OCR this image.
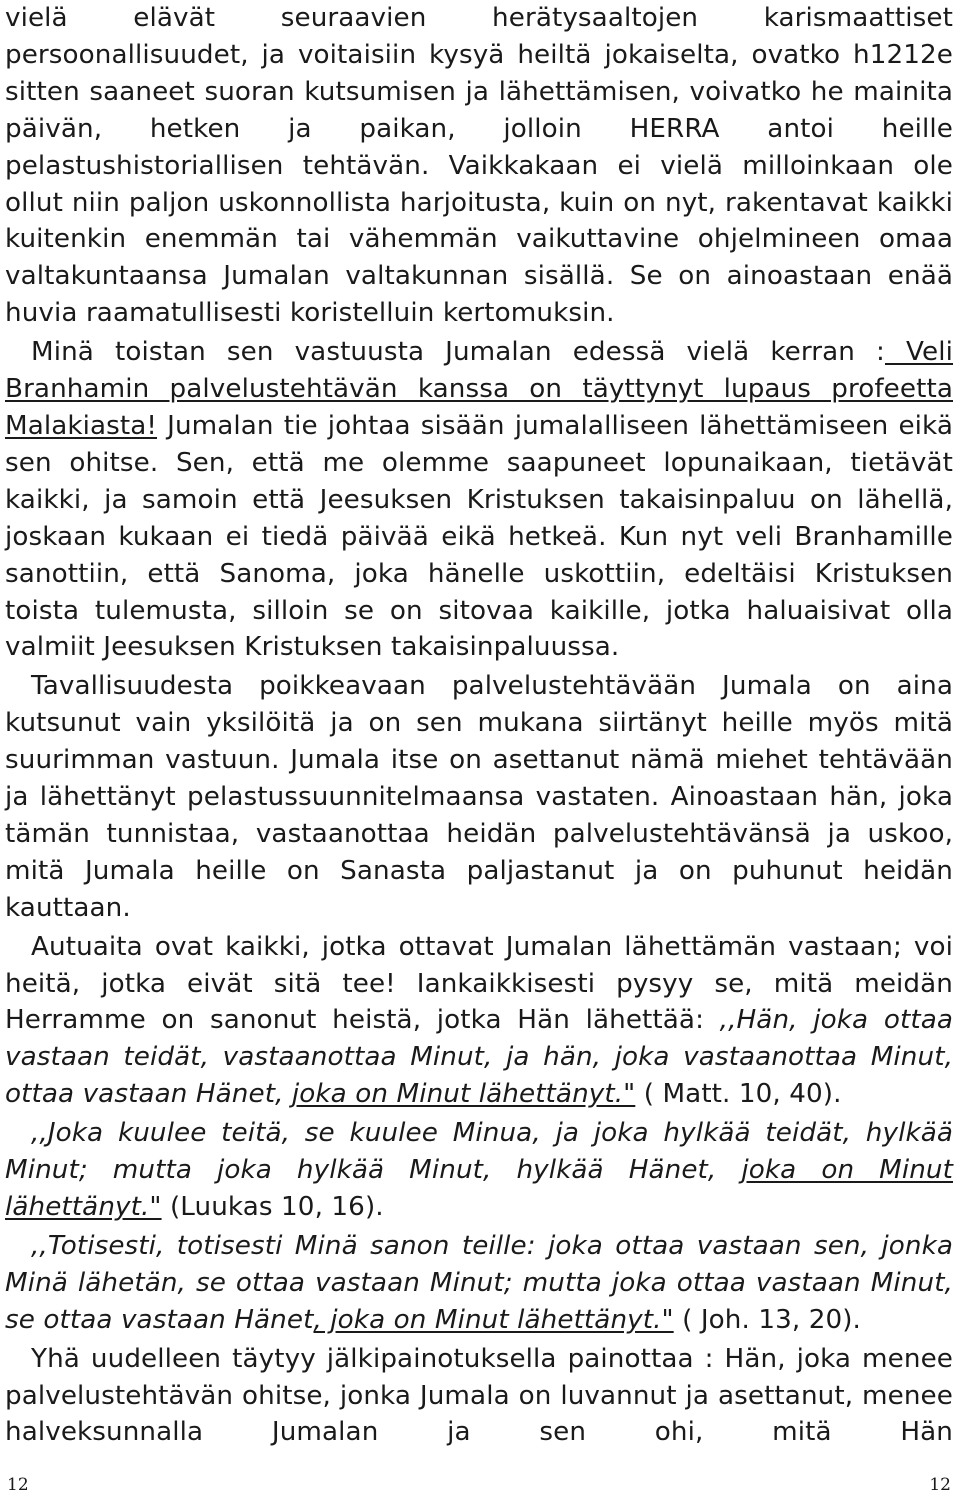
vielä elävät seuraavien herätysaaltojen karismaattiset persoonallisuudet, ja voitaisiin kysyä heiltä jokaiselta, ovatko h1212e sitten saaneet suoran kutsumisen ja lähettämisen, voivatko he mainita päivän, hetken ja paikan, jolloin HERRA antoi heille pelastushistoriallisen tehtävän. Vaikkakaan ei vielä milloinkaan ole ollut niin paljon uskonnollista harjoitusta, kuin on nyt, rakentavat kaikki kuitenkin enemmän tai vähemmän vaikuttavine ohjelmineen omaa valtakuntaansa Jumalan valtakunnan sisällä. Se on ainoastaan enää huvia raamatullisesti koristelluin kertomuksin.

Minä toistan sen vastuusta Jumalan edessä vielä kerran : Veli Branhamin palvelustehtävän kanssa on täyttynyt lupaus profeetta Malakiasta! Jumalan tie johtaa sisään jumalalliseen lähettämiseen eikä sen ohitse. Sen, että me olemme saapuneet lopunaikaan, tietävät kaikki, ja samoin että Jeesuksen Kristuksen takaisinpaluu on lähellä, joskaan kukaan ei tiedä päivää eikä hetkeä. Kun nyt veli Branhamille sanottiin, että Sanoma, joka hänelle uskottiin, edeltäisi Kristuksen toista tulemusta, silloin se on sitovaa kaikille, jotka haluaisivat olla valmiit Jeesuksen Kristuksen takaisinpaluussa.

Tavallisuudesta poikkeavaan palvelustehtävään Jumala on aina kutsunut vain yksilöitä ja on sen mukana siirtänyt heille myös mitä suurimman vastuun. Jumala itse on asettanut nämä miehet tehtävään ja lähettänyt pelastussuunnitelmaansa vastaten. Ainoastaan hän, joka tämän tunnistaa, vastaanottaa heidän palvelustehtävänsä ja uskoo, mitä Jumala heille on Sanasta paljastanut ja on puhunut heidän kauttaan.

Autuaita ovat kaikki, jotka ottavat Jumalan lähettämän vastaan; voi heitä, jotka eivät sitä tee! Iankaikkisesti pysyy se, mitä meidän Herramme on sanonut heistä, jotka Hän lähettää: ,,Hän, joka ottaa vastaan teidät, vastaanottaa Minut, ja hän, joka vastaanottaa Minut, ottaa vastaan Hänet, joka on Minut lähettänyt." ( Matt. 10, 40).

,,Joka kuulee teitä, se kuulee Minua, ja joka hylkää teidät, hylkää Minut; mutta joka hylkää Minut, hylkää Hänet, joka on Minut lähettänyt." (Luukas 10, 16).

,,Totisesti, totisesti Minä sanon teille: joka ottaa vastaan sen, jonka Minä lähetän, se ottaa vastaan Minut; mutta joka ottaa vastaan Minut, se ottaa vastaan Hänet, joka on Minut lähettänyt." ( Joh. 13, 20).

Yhä uudelleen täytyy jälkipainotuksella painottaa : Hän, joka menee palvelustehtävän ohitse, jonka Jumala on luvannut ja asettanut, menee halveksunnalla Jumalan ja sen ohi, mitä Hän

12	12
